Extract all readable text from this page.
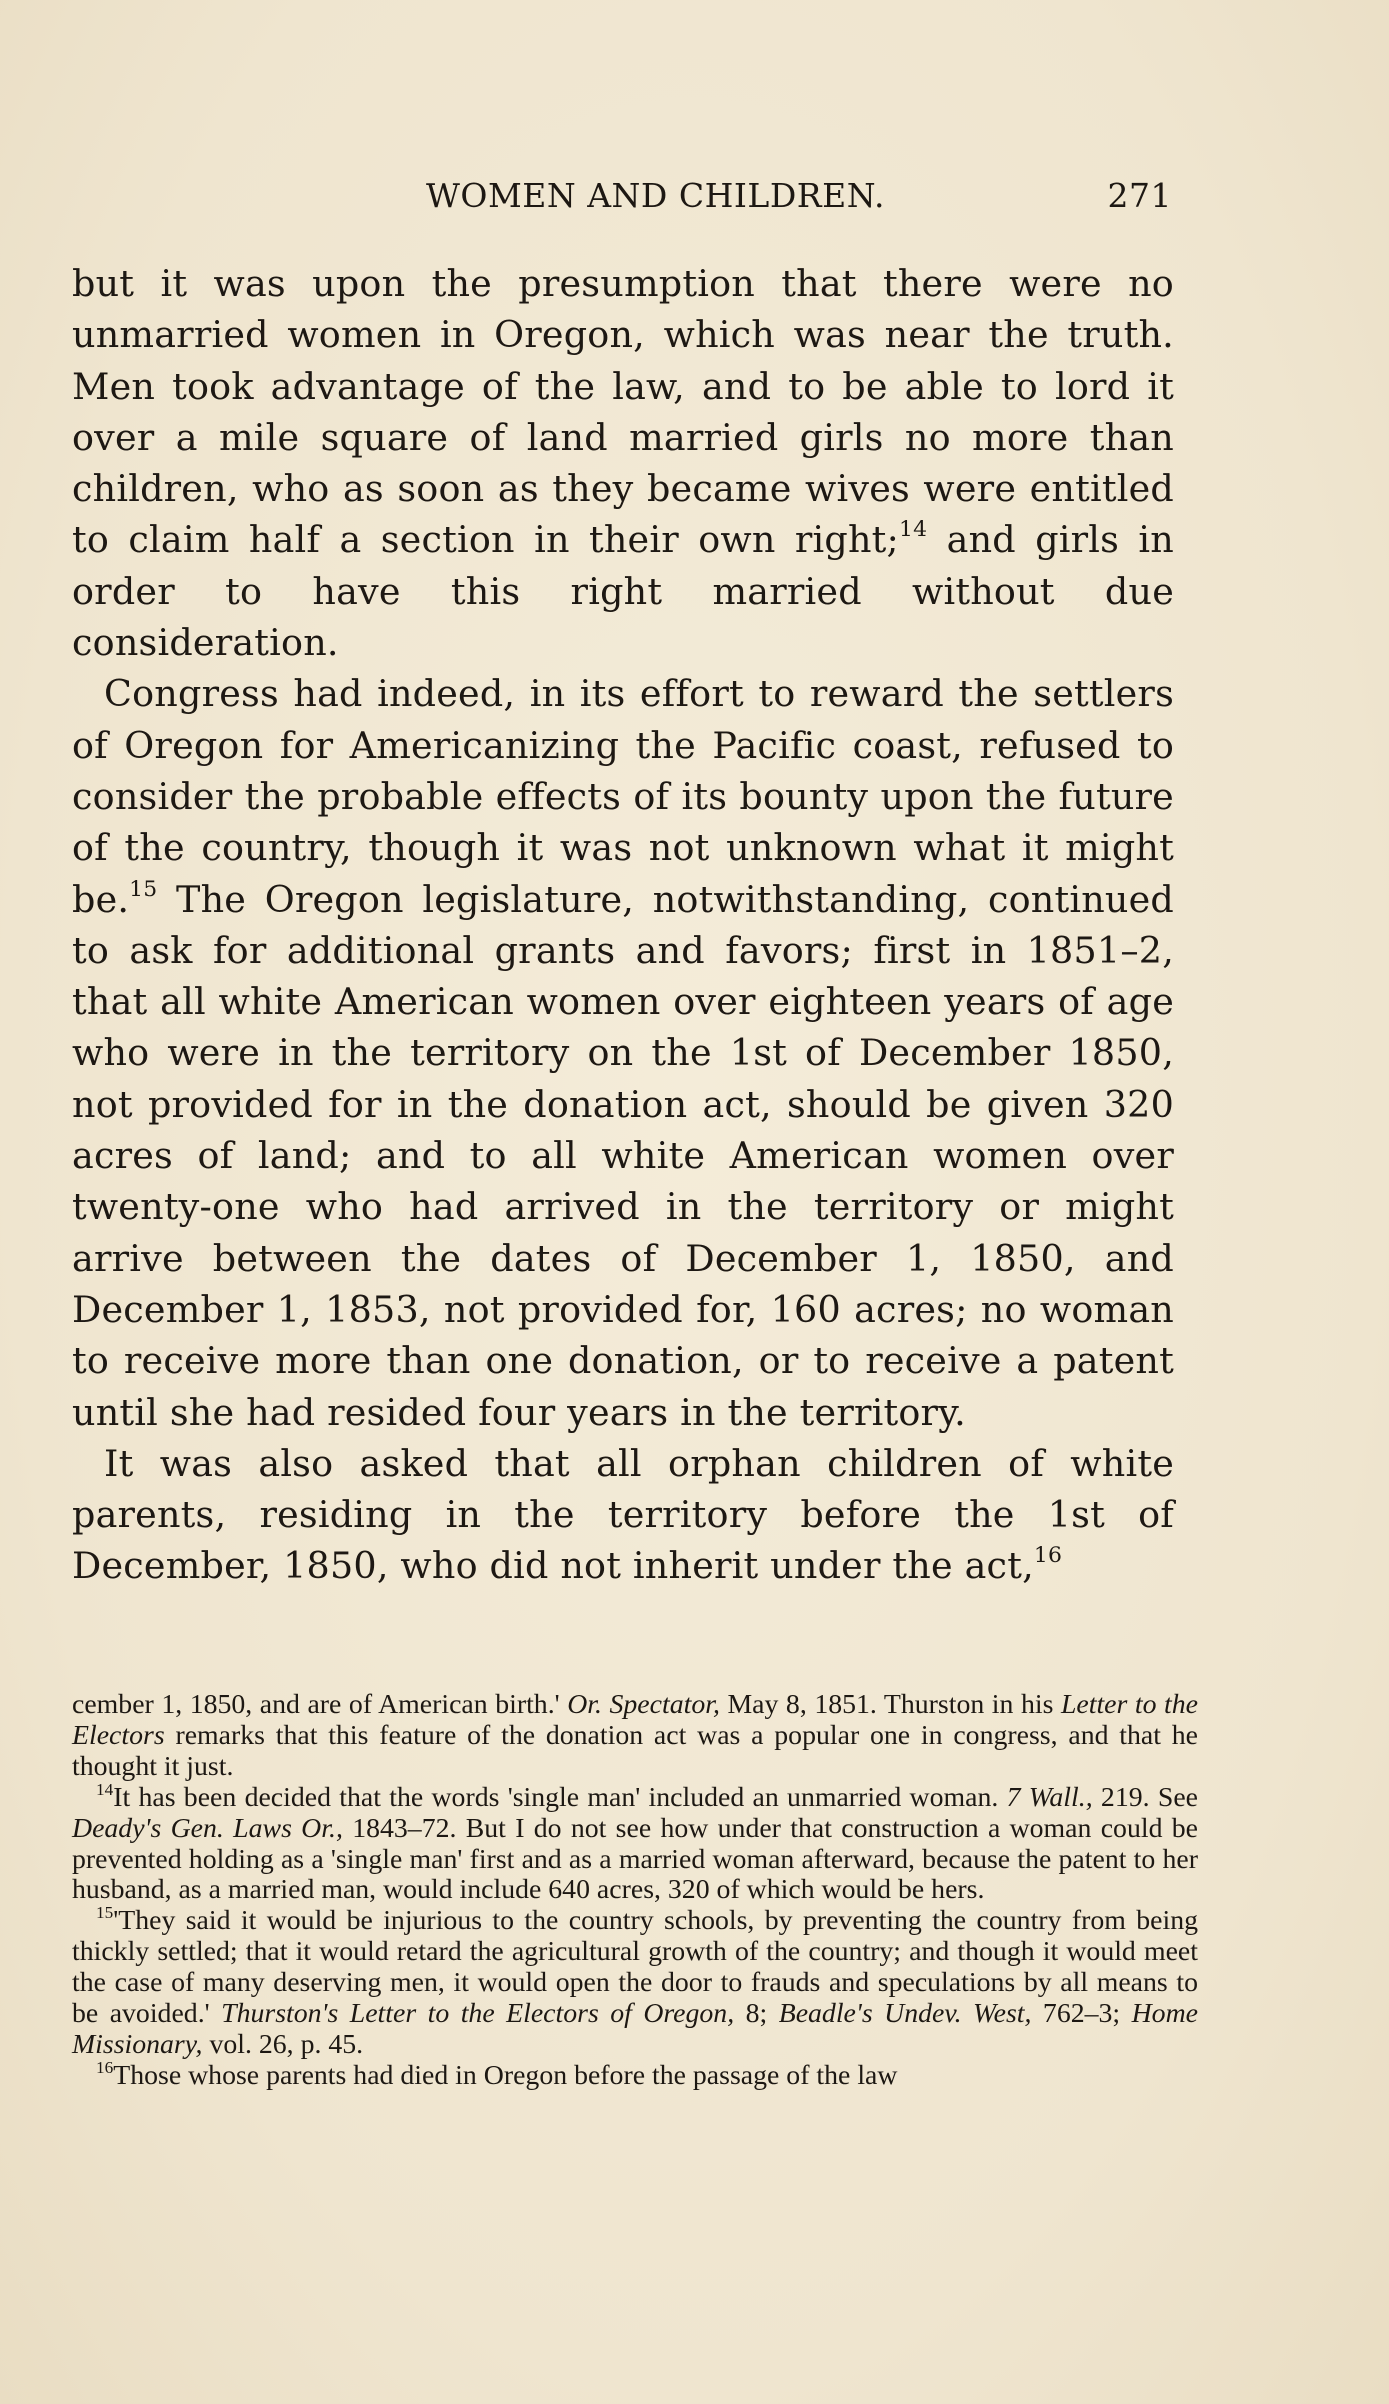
WOMEN AND CHILDREN.	271

but it was upon the presumption that there were no unmarried women in Oregon, which was near the truth. Men took advantage of the law, and to be able to lord it over a mile square of land married girls no more than children, who as soon as they became wives were entitled to claim half a section in their own right;$^{14}$ and girls in order to have this right married without due consideration.

Congress had indeed, in its effort to reward the settlers of Oregon for Americanizing the Pacific coast, refused to consider the probable effects of its bounty upon the future of the country, though it was not unknown what it might be.$^{15}$ The Oregon legislature, notwithstanding, continued to ask for additional grants and favors; first in 1851–2, that all white American women over eighteen years of age who were in the territory on the 1st of December 1850, not provided for in the donation act, should be given 320 acres of land; and to all white American women over twenty-one who had arrived in the territory or might arrive between the dates of December 1, 1850, and December 1, 1853, not provided for, 160 acres; no woman to receive more than one donation, or to receive a patent until she had resided four years in the territory.

It was also asked that all orphan children of white parents, residing in the territory before the 1st of December, 1850, who did not inherit under the act,$^{16}$

cember 1, 1850, and are of American birth.' Or. Spectator, May 8, 1851. Thurston in his Letter to the Electors remarks that this feature of the donation act was a popular one in congress, and that he thought it just.

$^{14}$It has been decided that the words 'single man' included an unmarried woman. 7 Wall., 219. See Deady's Gen. Laws Or., 1843–72. But I do not see how under that construction a woman could be prevented holding as a 'single man' first and as a married woman afterward, because the patent to her husband, as a married man, would include 640 acres, 320 of which would be hers.

$^{15}$'They said it would be injurious to the country schools, by preventing the country from being thickly settled; that it would retard the agricultural growth of the country; and though it would meet the case of many deserving men, it would open the door to frauds and speculations by all means to be avoided.' Thurston's Letter to the Electors of Oregon, 8; Beadle's Undev. West, 762–3; Home Missionary, vol. 26, p. 45.

$^{16}$Those whose parents had died in Oregon before the passage of the law
